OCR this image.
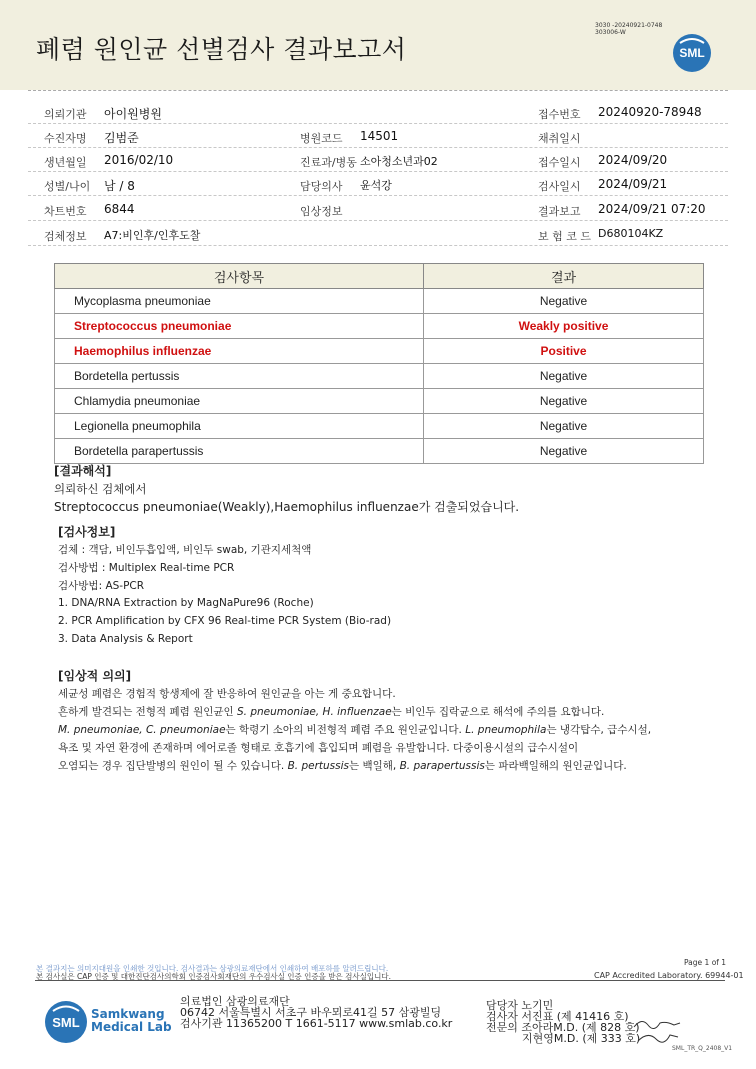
폐렴 원인균 선별검사 결과보고서
3030 -20240921-0748
303006-W
SML
의뢰기관 아이원병원	접수번호 20240920-78948
수진자명 김범준	병원코드 14501	채취일시
생년월일 2016/02/10	진료과/병동 소아청소년과02	접수일시 2024/09/20
성별/나이 남 / 8	담당의사 윤석강	검사일시 2024/09/21
차트번호 6844	임상정보	결과보고 2024/09/21 07:20
검체정보 A7:비인후/인후도찰	보 험 코 드 D680104KZ
검사항목	결과
Mycoplasma pneumoniae	Negative
Streptococcus pneumoniae	Weakly positive
Haemophilus influenzae	Positive
Bordetella pertussis	Negative
Chlamydia pneumoniae	Negative
Legionella pneumophila	Negative
Bordetella parapertussis	Negative
[결과해석]
의뢰하신 검체에서
Streptococcus pneumoniae(Weakly),Haemophilus influenzae가 검출되었습니다.
[검사정보]
검체 : 객담, 비인두흡입액, 비인두 swab, 기관지세척액
검사방법 : Multiplex Real-time PCR
검사방법: AS-PCR
1. DNA/RNA Extraction by MagNaPure96 (Roche)
2. PCR Amplification by CFX 96 Real-time PCR System (Bio-rad)
3. Data Analysis & Report
[임상적 의의]
세균성 폐렴은 경험적 항생제에 잘 반응하여 원인균을 아는 게 중요합니다.
흔하게 발견되는 전형적 폐렴 원인균인 S. pneumoniae, H. influenzae는 비인두 집락균으로 해석에 주의를 요합니다.
M. pneumoniae, C. pneumoniae는 학령기 소아의 비전형적 폐렴 주요 원인균입니다. L. pneumophila는 냉각탑수, 급수시설,
욕조 및 자연 환경에 존재하며 에어로졸 형태로 호흡기에 흡입되며 폐렴을 유발합니다. 다중이용시설의 급수시설이
오염되는 경우 집단발병의 원인이 될 수 있습니다. B. pertussis는 백일해, B. parapertussis는 파라백일해의 원인균입니다.
본 결과지는 의미지대원을 인쇄한 것입니다. 검사결과는 삼광의료재단에서 인쇄하여 배포하를 알려드립니다.
본 검사실은 CAP 인증 및 대한진단검사의학회 인증검사회재단의 우수검사실 인증 인증을 받은 검사실입니다.
Page 1 of 1
CAP Accredited Laboratory. 69944-01
SML
Samkwang
Medical Lab
의료법인 삼광의료재단
06742 서울특별시 서초구 바우뫼로41길 57 삼광빌딩
검사기관 11365200 T 1661-5117 www.smlab.co.kr
담당자 노기민
검사자 서진표 (제 41416 호)
전문의 조아라M.D. (제 828 호)
지현영M.D. (제 333 호)
SML_TR_Q_2408_V1
